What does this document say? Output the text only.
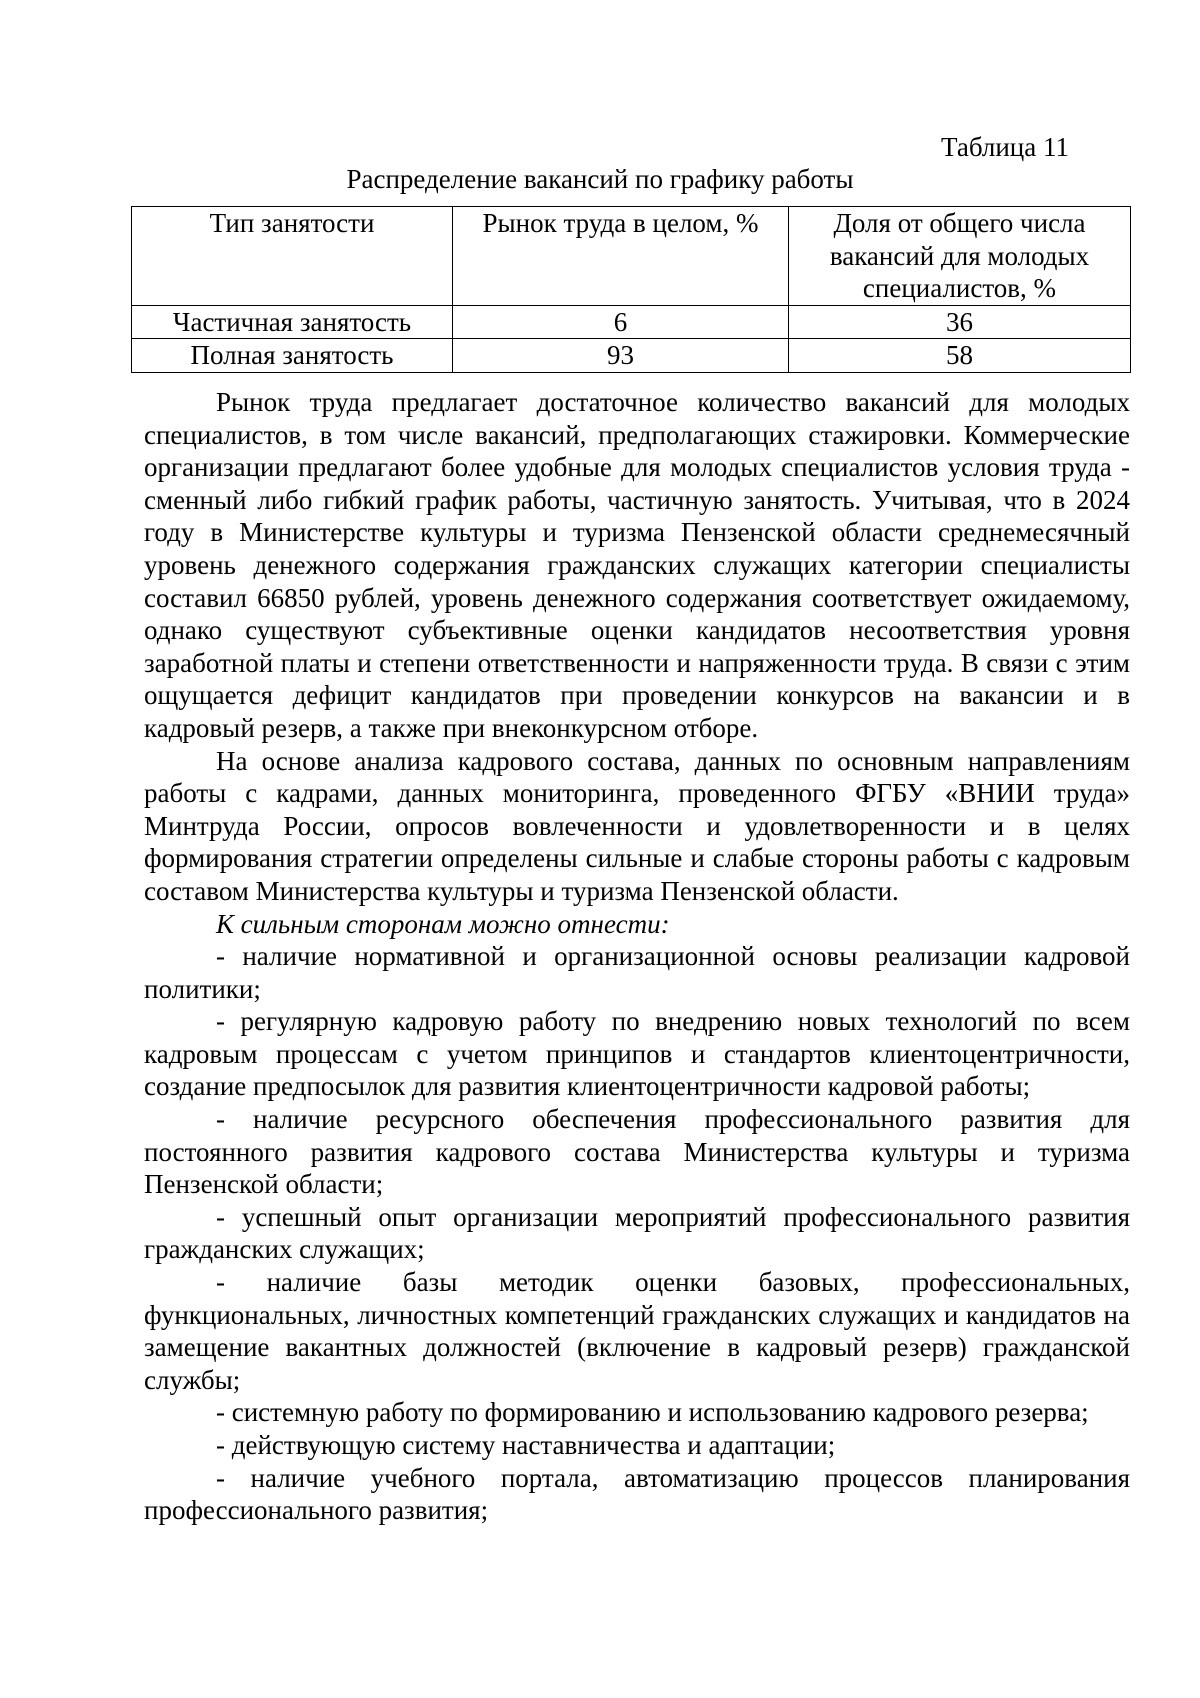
Таблица 11
Распределение вакансий по графику работы
Тип занятости	Рынок труда в целом, %	Доля от общего числа вакансий для молодых специалистов, %
Частичная занятость	6	36
Полная занятость	93	58

Рынок труда предлагает достаточное количество вакансий для молодых специалистов, в том числе вакансий, предполагающих стажировки. Коммерческие организации предлагают более удобные для молодых специалистов условия труда - сменный либо гибкий график работы, частичную занятость. Учитывая, что в 2024 году в Министерстве культуры и туризма Пензенской области среднемесячный уровень денежного содержания гражданских служащих категории специалисты составил 66850 рублей, уровень денежного содержания соответствует ожидаемому, однако существуют субъективные оценки кандидатов несоответствия уровня заработной платы и степени ответственности и напряженности труда. В связи с этим ощущается дефицит кандидатов при проведении конкурсов на вакансии и в кадровый резерв, а также при внеконкурсном отборе.

На основе анализа кадрового состава, данных по основным направлениям работы с кадрами, данных мониторинга, проведенного ФГБУ «ВНИИ труда» Минтруда России, опросов вовлеченности и удовлетворенности и в целях формирования стратегии определены сильные и слабые стороны работы с кадровым составом Министерства культуры и туризма Пензенской области.

К сильным сторонам можно отнести:

- наличие нормативной и организационной основы реализации кадровой политики;

- регулярную кадровую работу по внедрению новых технологий по всем кадровым процессам с учетом принципов и стандартов клиентоцентричности, создание предпосылок для развития клиентоцентричности кадровой работы;

- наличие ресурсного обеспечения профессионального развития для постоянного развития кадрового состава Министерства культуры и туризма Пензенской области;

- успешный опыт организации мероприятий профессионального развития гражданских служащих;

- наличие базы методик оценки базовых, профессиональных, функциональных, личностных компетенций гражданских служащих и кандидатов на замещение вакантных должностей (включение в кадровый резерв) гражданской службы;

- системную работу по формированию и использованию кадрового резерва;

- действующую систему наставничества и адаптации;

- наличие учебного портала, автоматизацию процессов планирования профессионального развития;
